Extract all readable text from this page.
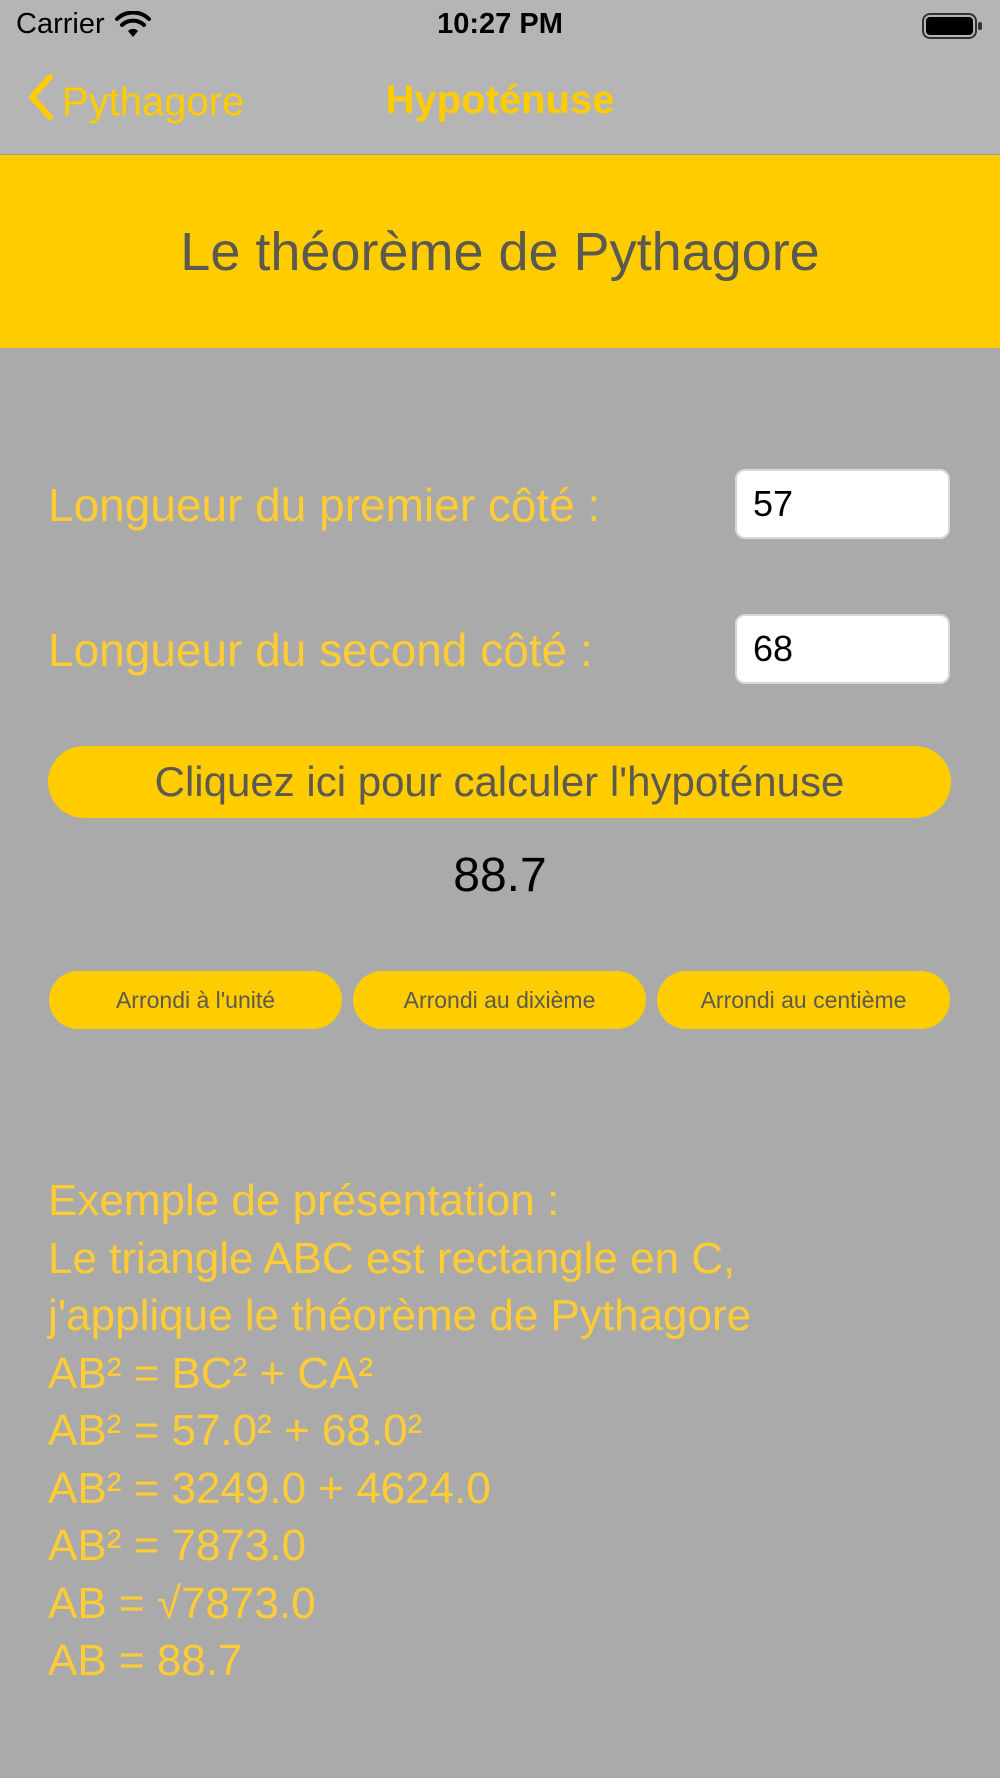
Carrier	10:27 PM
Pythagore	Hypoténuse
Le théorème de Pythagore
Longueur du premier côté :
57
Longueur du second côté :
68
Cliquez ici pour calculer l'hypoténuse
88.7
Arrondi à l'unité	Arrondi au dixième	Arrondi au centième
Exemple de présentation :
Le triangle ABC est rectangle en C,
j'applique le théorème de Pythagore
AB² = BC² + CA²
AB² = 57.0² + 68.0²
AB² = 3249.0 + 4624.0
AB² = 7873.0
AB = √7873.0
AB = 88.7
